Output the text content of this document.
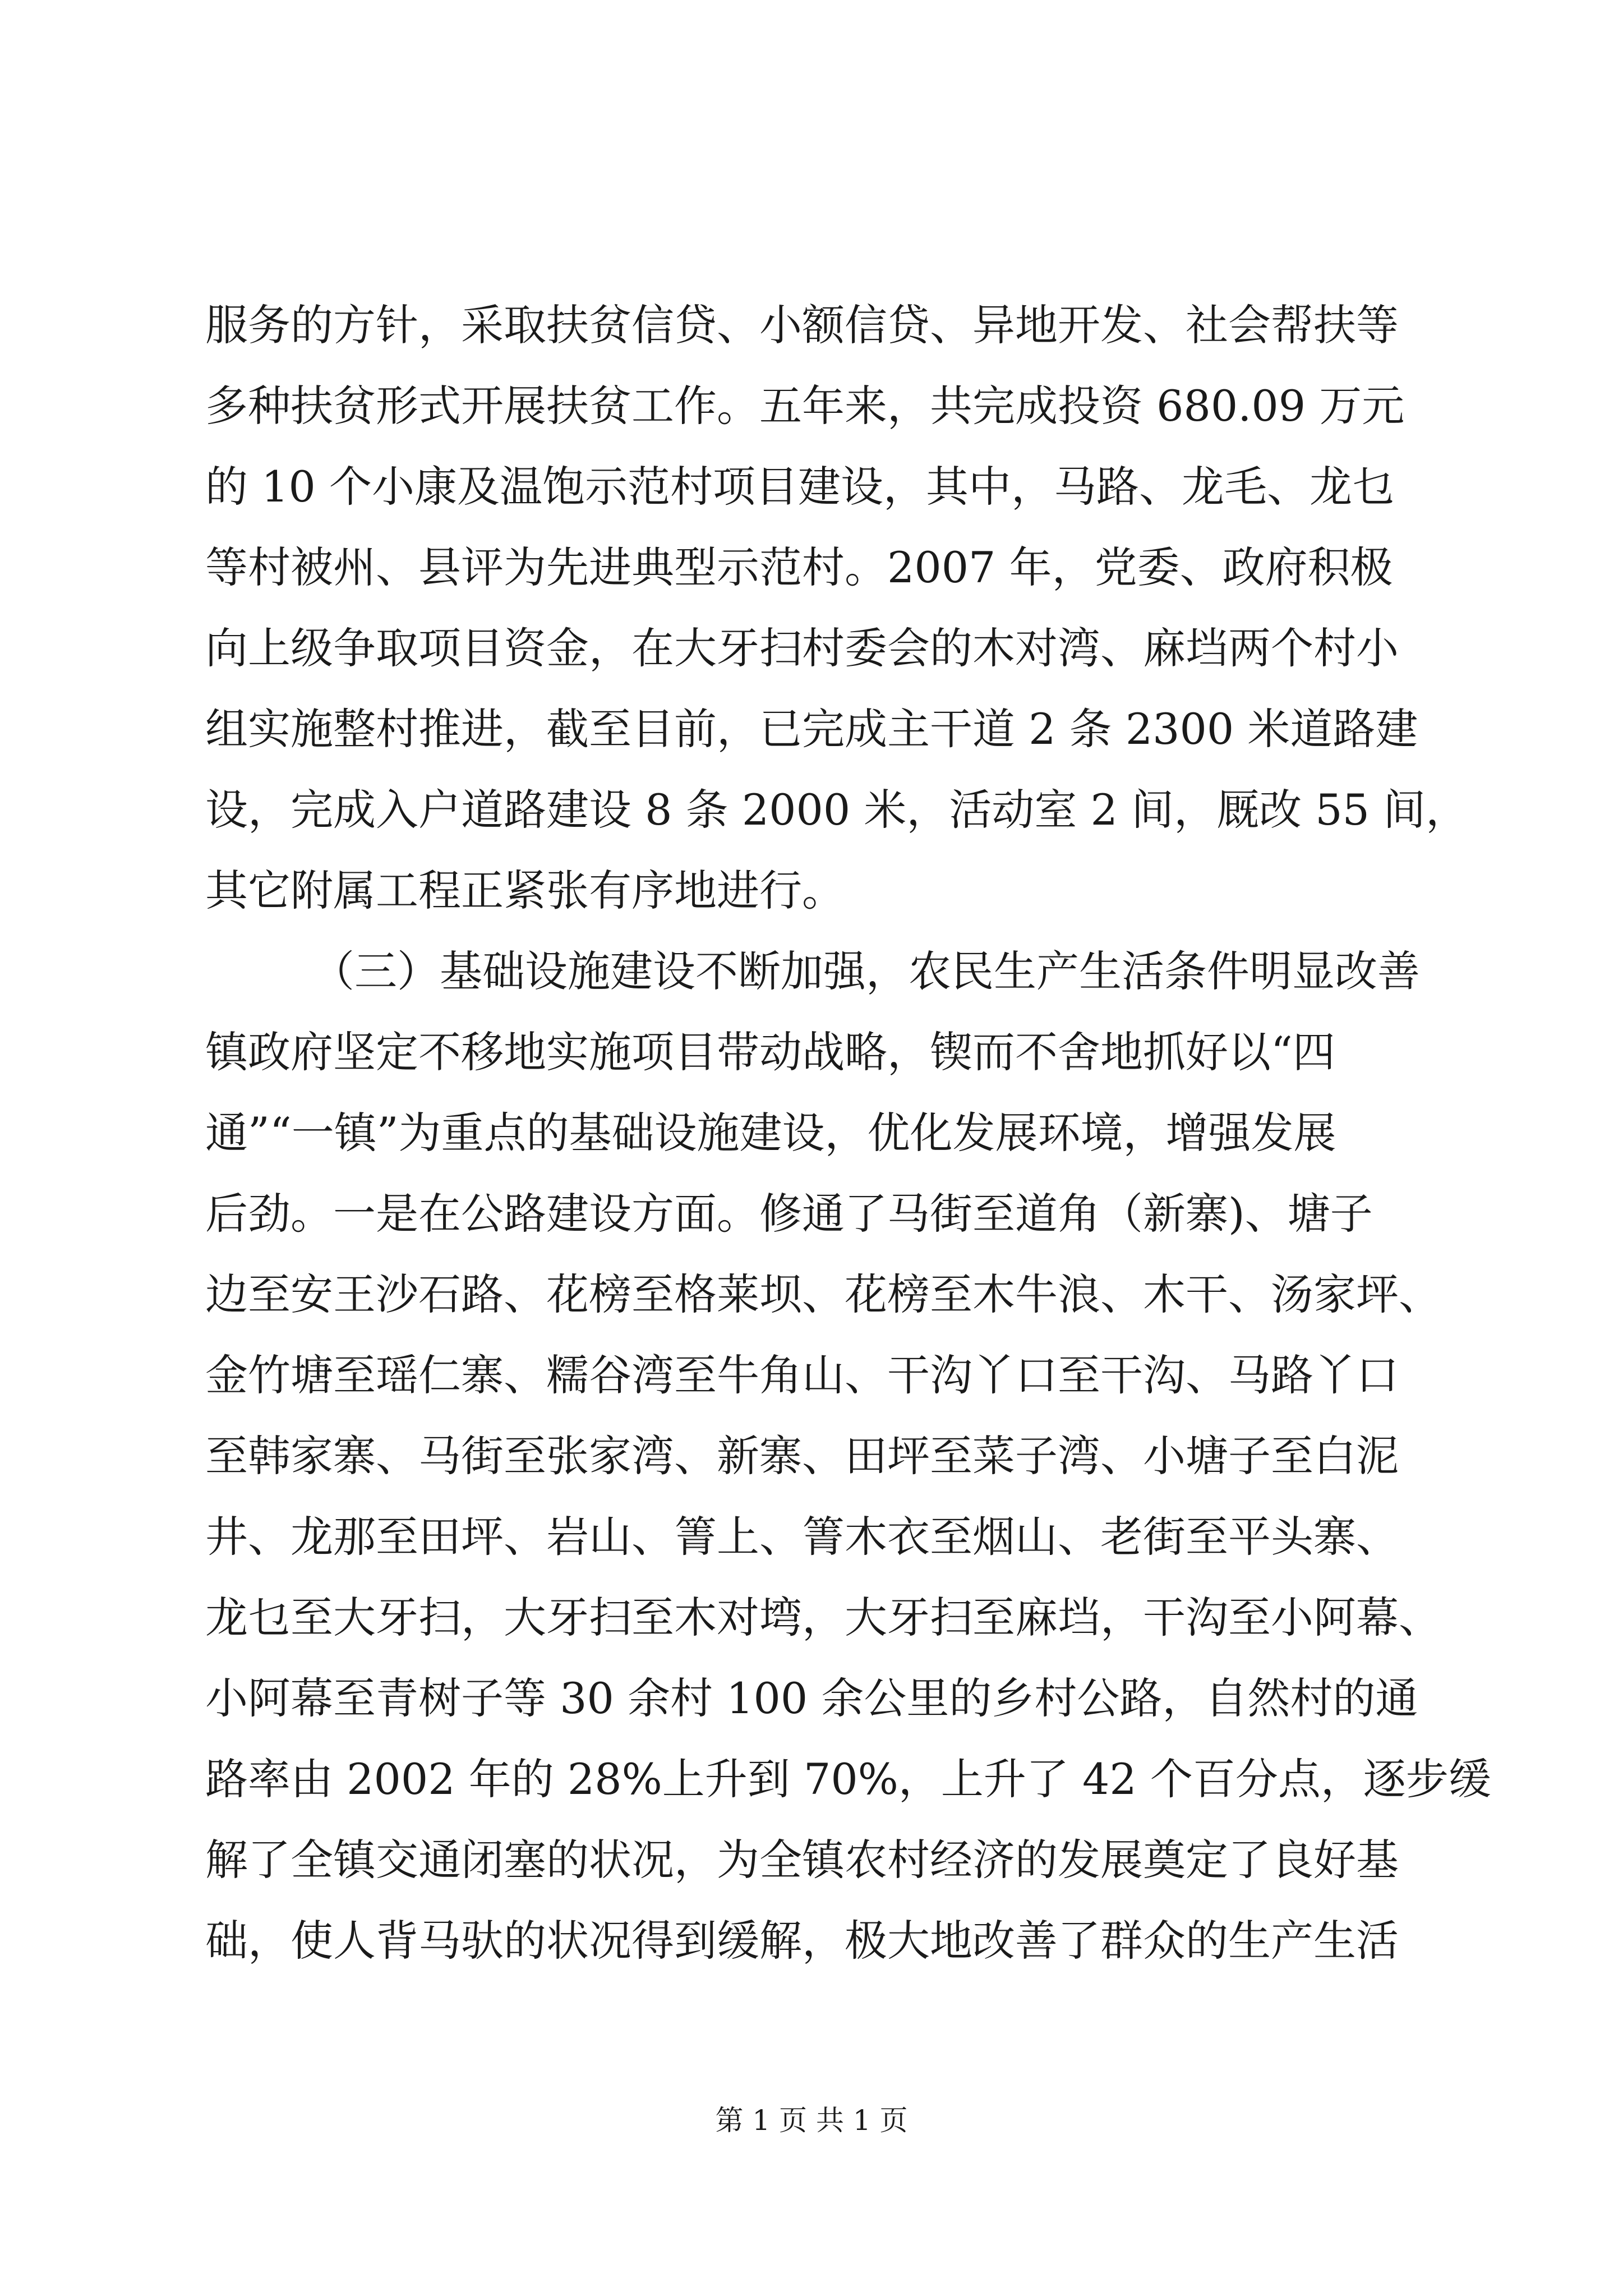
服务的方针，采取扶贫信贷、小额信贷、异地开发、社会帮扶等
多种扶贫形式开展扶贫工作。五年来，共完成投资 680.09 万元
的 10 个小康及温饱示范村项目建设，其中，马路、龙毛、龙乜
等村被州、县评为先进典型示范村。2007 年，党委、政府积极
向上级争取项目资金，在大牙扫村委会的木对湾、麻垱两个村小
组实施整村推进，截至目前，已完成主干道 2 条 2300 米道路建
设，完成入户道路建设 8 条 2000 米，活动室 2 间，厩改 55 间，
其它附属工程正紧张有序地进行。
（三）基础设施建设不断加强，农民生产生活条件明显改善
镇政府坚定不移地实施项目带动战略，锲而不舍地抓好以“四
通”“一镇”为重点的基础设施建设，优化发展环境，增强发展
后劲。一是在公路建设方面。修通了马街至道角（新寨)、塘子
边至安王沙石路、花榜至格莱坝、花榜至木牛浪、木干、汤家坪、
金竹塘至瑶仁寨、糯谷湾至牛角山、干沟丫口至干沟、马路丫口
至韩家寨、马街至张家湾、新寨、田坪至菜子湾、小塘子至白泥
井、龙那至田坪、岩山、箐上、箐木衣至烟山、老街至平头寨、
龙乜至大牙扫，大牙扫至木对塆，大牙扫至麻垱，干沟至小阿幕、
小阿幕至青树子等 30 余村 100 余公里的乡村公路，自然村的通
路率由 2002 年的 28%上升到 70%，上升了 42 个百分点，逐步缓
解了全镇交通闭塞的状况，为全镇农村经济的发展奠定了良好基
础，使人背马驮的状况得到缓解，极大地改善了群众的生产生活
第 1 页 共 1 页
